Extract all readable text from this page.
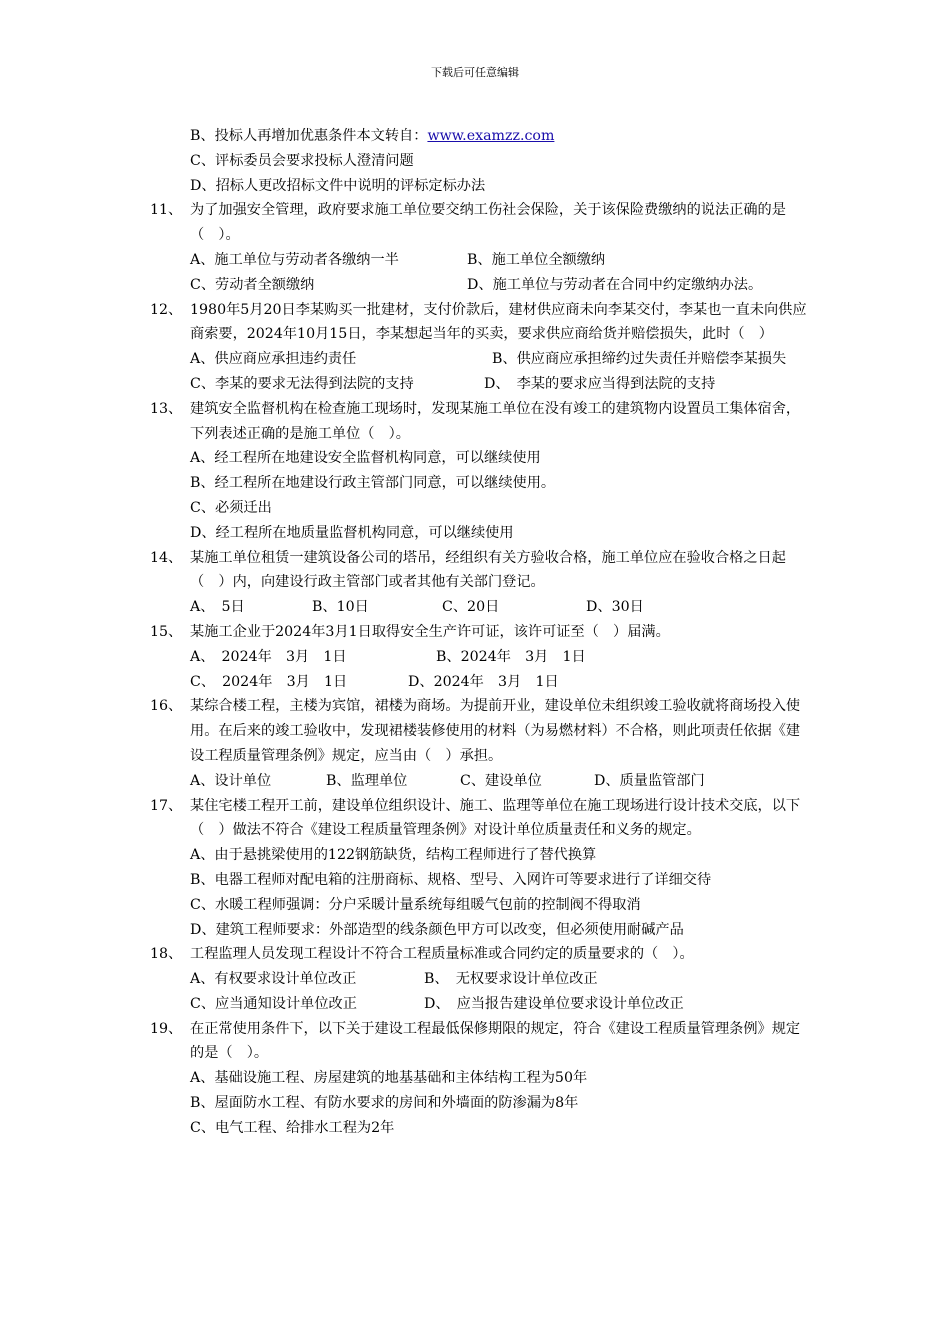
下载后可任意编辑
B、投标人再增加优惠条件本文转自：www.examzz.com
C、评标委员会要求投标人澄清问题
D、招标人更改招标文件中说明的评标定标办法
11、 为了加强安全管理，政府要求施工单位要交纳工伤社会保险，关于该保险费缴纳的说法正确的是（　）。
A、施工单位与劳动者各缴纳一半	B、施工单位全额缴纳
C、劳动者全额缴纳	D、施工单位与劳动者在合同中约定缴纳办法。
12、 1980年5月20日李某购买一批建材，支付价款后，建材供应商未向李某交付，李某也一直未向供应商索要，2024年10月15日，李某想起当年的买卖，要求供应商给货并赔偿损失，此时（　）
A、供应商应承担违约责任	B、供应商应承担缔约过失责任并赔偿李某损失
C、李某的要求无法得到法院的支持	D、　李某的要求应当得到法院的支持
13、 建筑安全监督机构在检查施工现场时，发现某施工单位在没有竣工的建筑物内设置员工集体宿舍，下列表述正确的是施工单位（　）。
A、经工程所在地建设安全监督机构同意，可以继续使用
B、经工程所在地建设行政主管部门同意，可以继续使用。
C、必须迁出
D、经工程所在地质量监督机构同意，可以继续使用
14、 某施工单位租赁一建筑设备公司的塔吊，经组织有关方验收合格，施工单位应在验收合格之日起（　）内，向建设行政主管部门或者其他有关部门登记。
A、　5日	B、10日	C、20日	D、30日
15、 某施工企业于2024年3月1日取得安全生产许可证，该许可证至（　）届满。
A、　2024年　3月　1日	B、2024年　3月　1日
C、　2024年　3月　1日	D、2024年　3月　1日
16、 某综合楼工程，主楼为宾馆，裙楼为商场。为提前开业，建设单位未组织竣工验收就将商场投入使用。在后来的竣工验收中，发现裙楼装修使用的材料（为易燃材料）不合格，则此项责任依据《建设工程质量管理条例》规定，应当由（　）承担。
A、设计单位	B、监理单位	C、建设单位	D、质量监管部门
17、 某住宅楼工程开工前，建设单位组织设计、施工、监理等单位在施工现场进行设计技术交底，以下（　）做法不符合《建设工程质量管理条例》对设计单位质量责任和义务的规定。
A、由于悬挑梁使用的122钢筋缺货，结构工程师进行了替代换算
B、电器工程师对配电箱的注册商标、规格、型号、入网许可等要求进行了详细交待
C、水暖工程师强调：分户采暖计量系统每组暖气包前的控制阀不得取消
D、建筑工程师要求：外部造型的线条颜色甲方可以改变，但必须使用耐碱产品
18、 工程监理人员发现工程设计不符合工程质量标准或合同约定的质量要求的（　）。
A、有权要求设计单位改正	B、　无权要求设计单位改正
C、应当通知设计单位改正	D、　应当报告建设单位要求设计单位改正
19、 在正常使用条件下，以下关于建设工程最低保修期限的规定，符合《建设工程质量管理条例》规定的是（　）。
A、基础设施工程、房屋建筑的地基基础和主体结构工程为50年
B、屋面防水工程、有防水要求的房间和外墙面的防渗漏为8年
C、电气工程、给排水工程为2年
